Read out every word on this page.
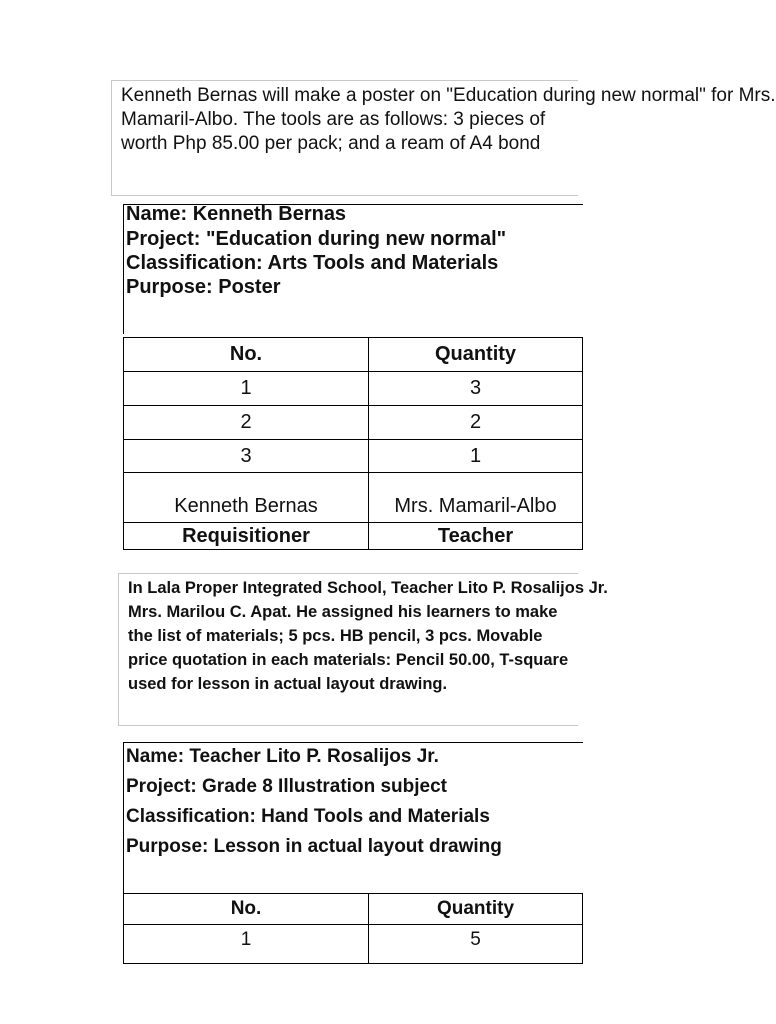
Kenneth Bernas will make a poster on "Education during new normal" for Mrs.
Mamaril-Albo. The tools are as follows: 3 pieces of
worth Php 85.00 per pack; and a ream of A4 bond
Name: Kenneth Bernas
Project: "Education during new normal"
Classification: Arts Tools and Materials
Purpose: Poster
No.	Quantity
1	3
2	2
3	1
Kenneth Bernas	Mrs. Mamaril-Albo
Requisitioner	Teacher
In Lala Proper Integrated School, Teacher Lito P. Rosalijos Jr.
Mrs. Marilou C. Apat. He assigned his learners to make
the list of materials; 5 pcs. HB pencil, 3 pcs. Movable
price quotation in each materials: Pencil 50.00, T-square
used for lesson in actual layout drawing.
Name: Teacher Lito P. Rosalijos Jr.
Project: Grade 8 Illustration subject
Classification: Hand Tools and Materials
Purpose: Lesson in actual layout drawing
No.	Quantity
1	5
